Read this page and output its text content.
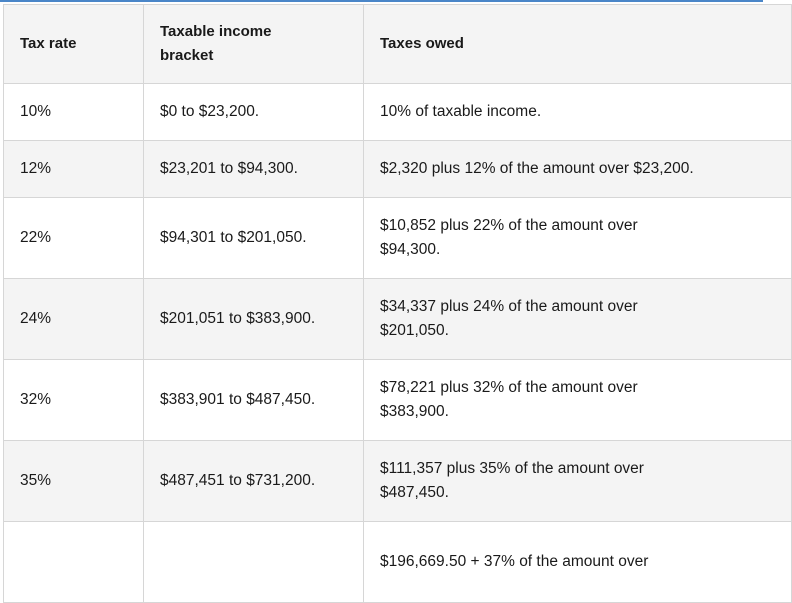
Tax rate	Taxable income bracket	Taxes owed
10%	$0 to $23,200.	10% of taxable income.
12%	$23,201 to $94,300.	$2,320 plus 12% of the amount over $23,200.
22%	$94,301 to $201,050.	$10,852 plus 22% of the amount over $94,300.

24%	$201,051 to $383,900.	$34,337 plus 24% of the amount over $201,050.

32%	$383,901 to $487,450.	$78,221 plus 32% of the amount over $383,900.

35%	$487,451 to $731,200.	$111,357 plus 35% of the amount over $487,450.

		$196,669.50 + 37% of the amount over
